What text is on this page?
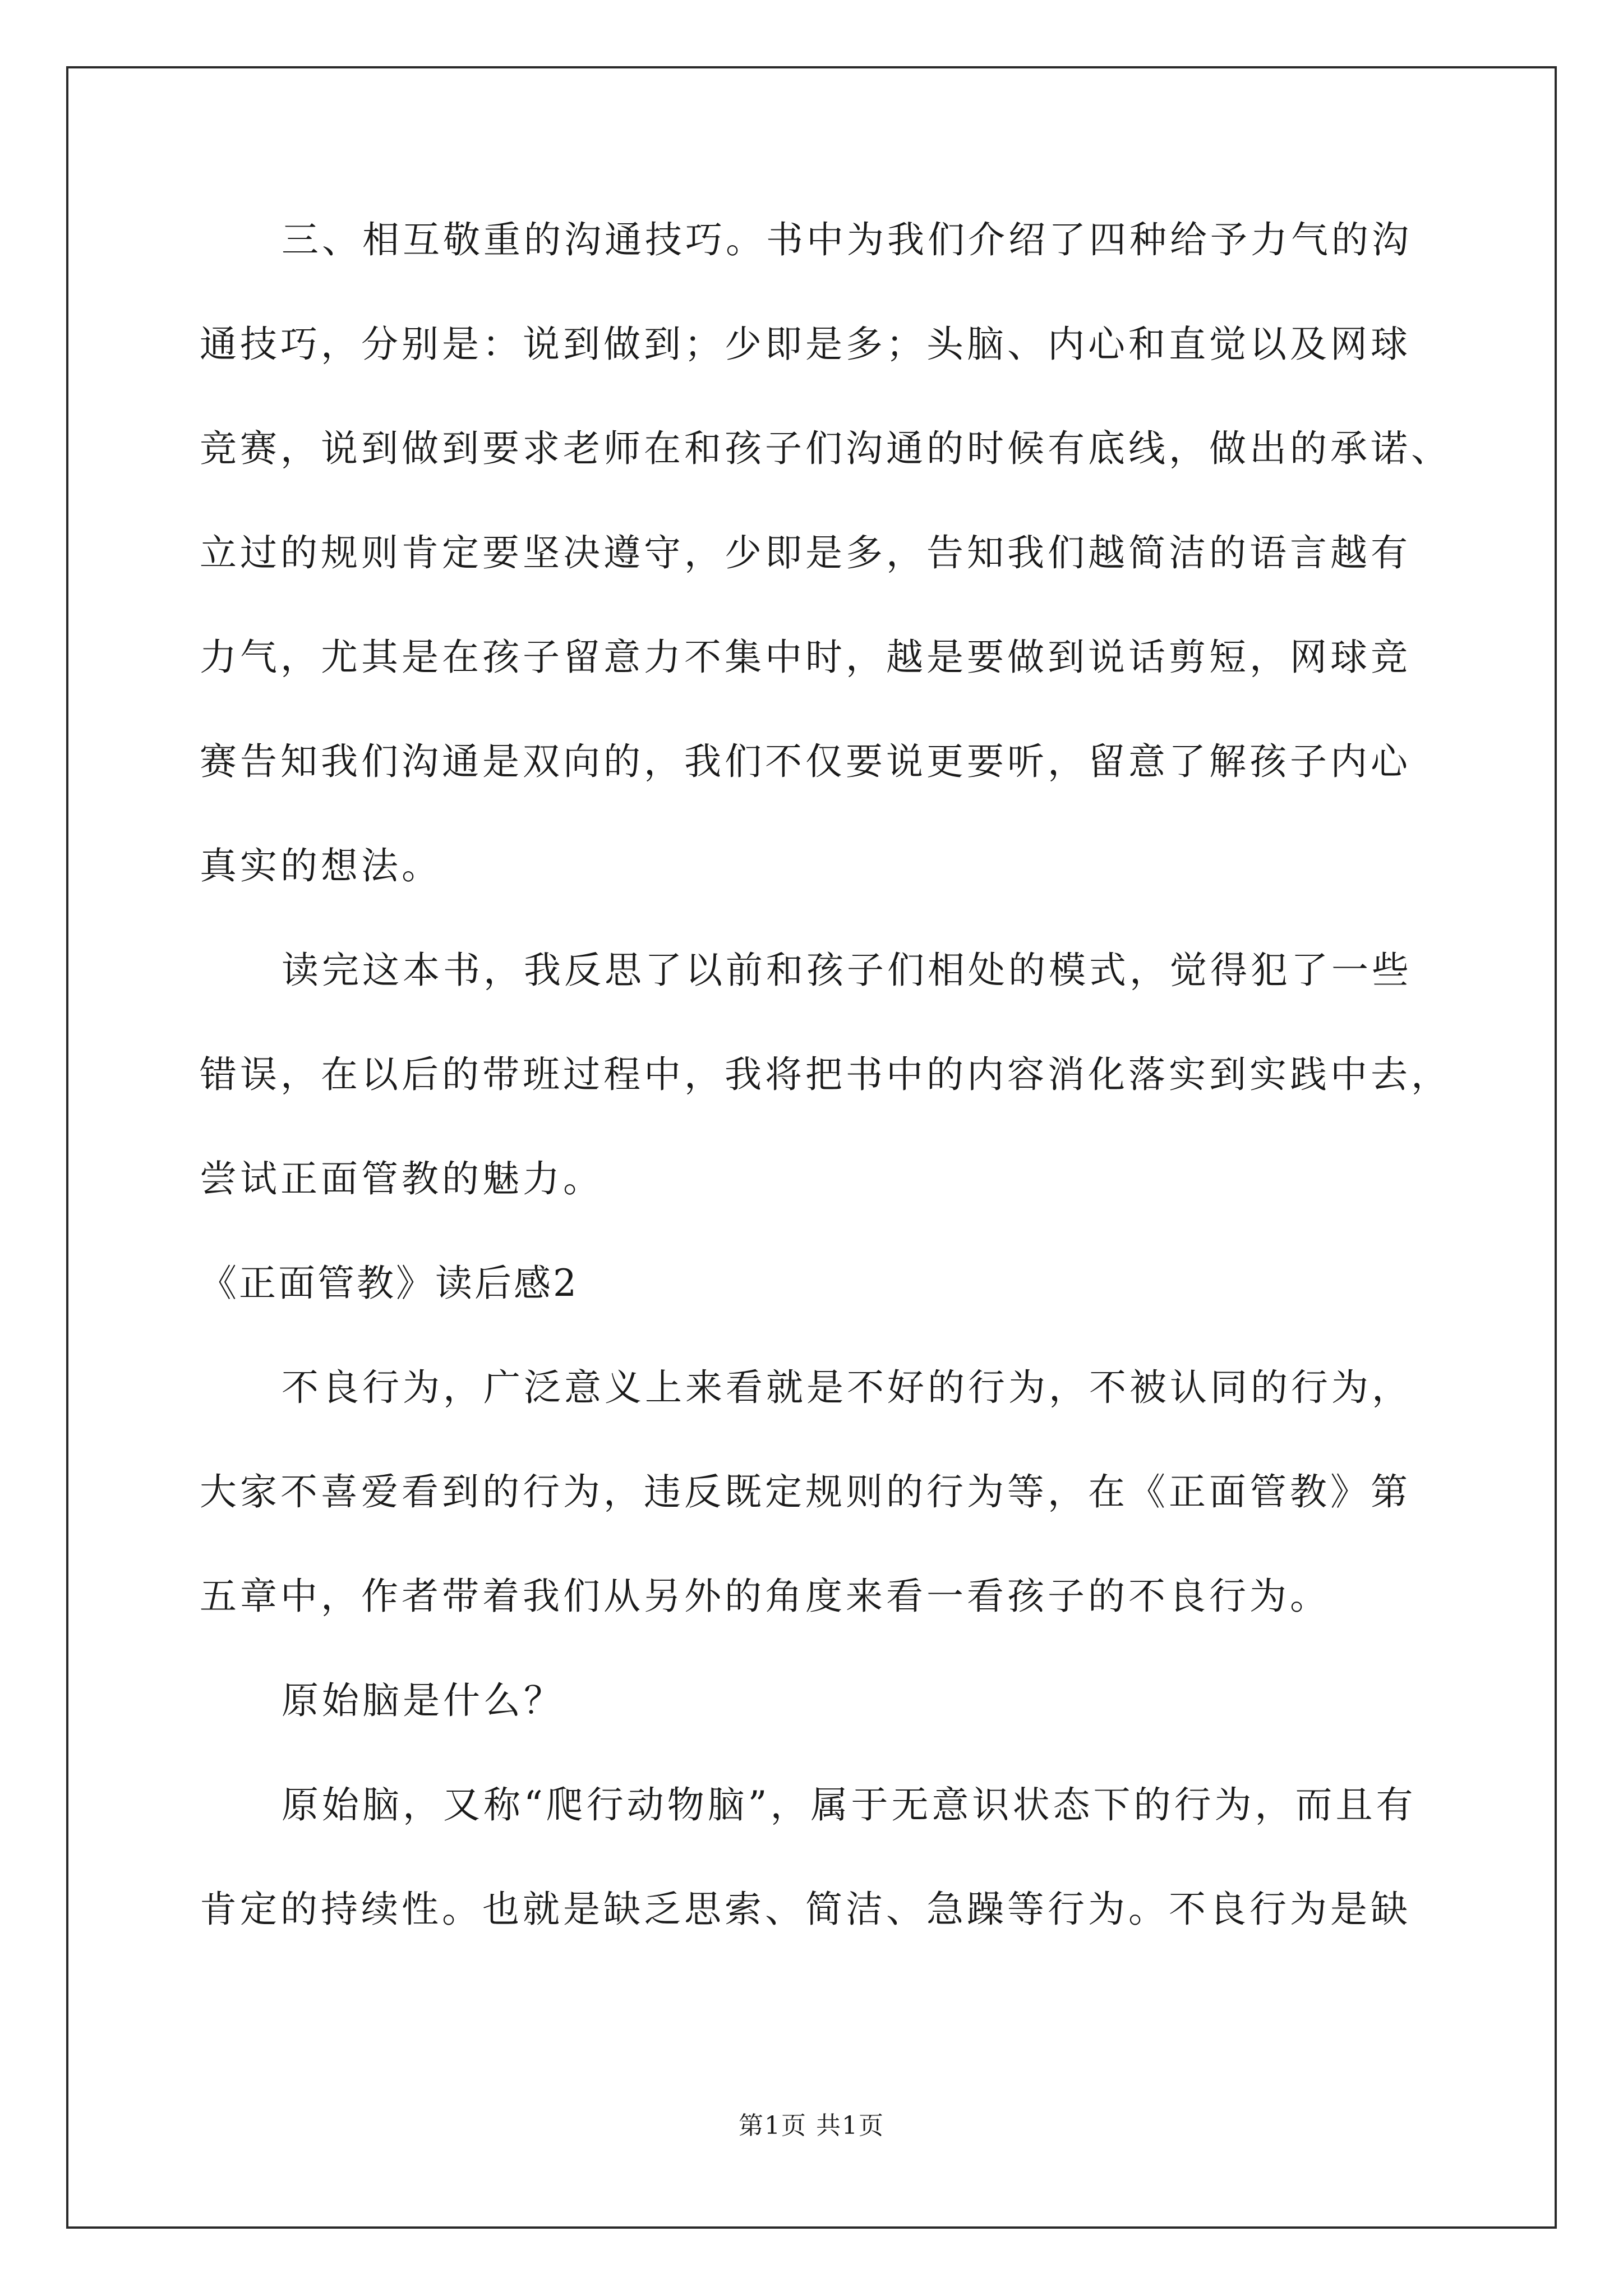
三、相互敬重的沟通技巧。书中为我们介绍了四种给予力气的沟
通技巧，分别是：说到做到；少即是多；头脑、内心和直觉以及网球
竞赛，说到做到要求老师在和孩子们沟通的时候有底线，做出的承诺、
立过的规则肯定要坚决遵守，少即是多，告知我们越简洁的语言越有
力气，尤其是在孩子留意力不集中时，越是要做到说话剪短，网球竞
赛告知我们沟通是双向的，我们不仅要说更要听，留意了解孩子内心
真实的想法。
读完这本书，我反思了以前和孩子们相处的模式，觉得犯了一些
错误，在以后的带班过程中，我将把书中的内容消化落实到实践中去，
尝试正面管教的魅力。
《正面管教》读后感2
不良行为，广泛意义上来看就是不好的行为，不被认同的行为，
大家不喜爱看到的行为，违反既定规则的行为等，在《正面管教》第
五章中，作者带着我们从另外的角度来看一看孩子的不良行为。
原始脑是什么？
原始脑，又称“爬行动物脑”，属于无意识状态下的行为，而且有
肯定的持续性。也就是缺乏思索、简洁、急躁等行为。不良行为是缺
第1页 共1页
